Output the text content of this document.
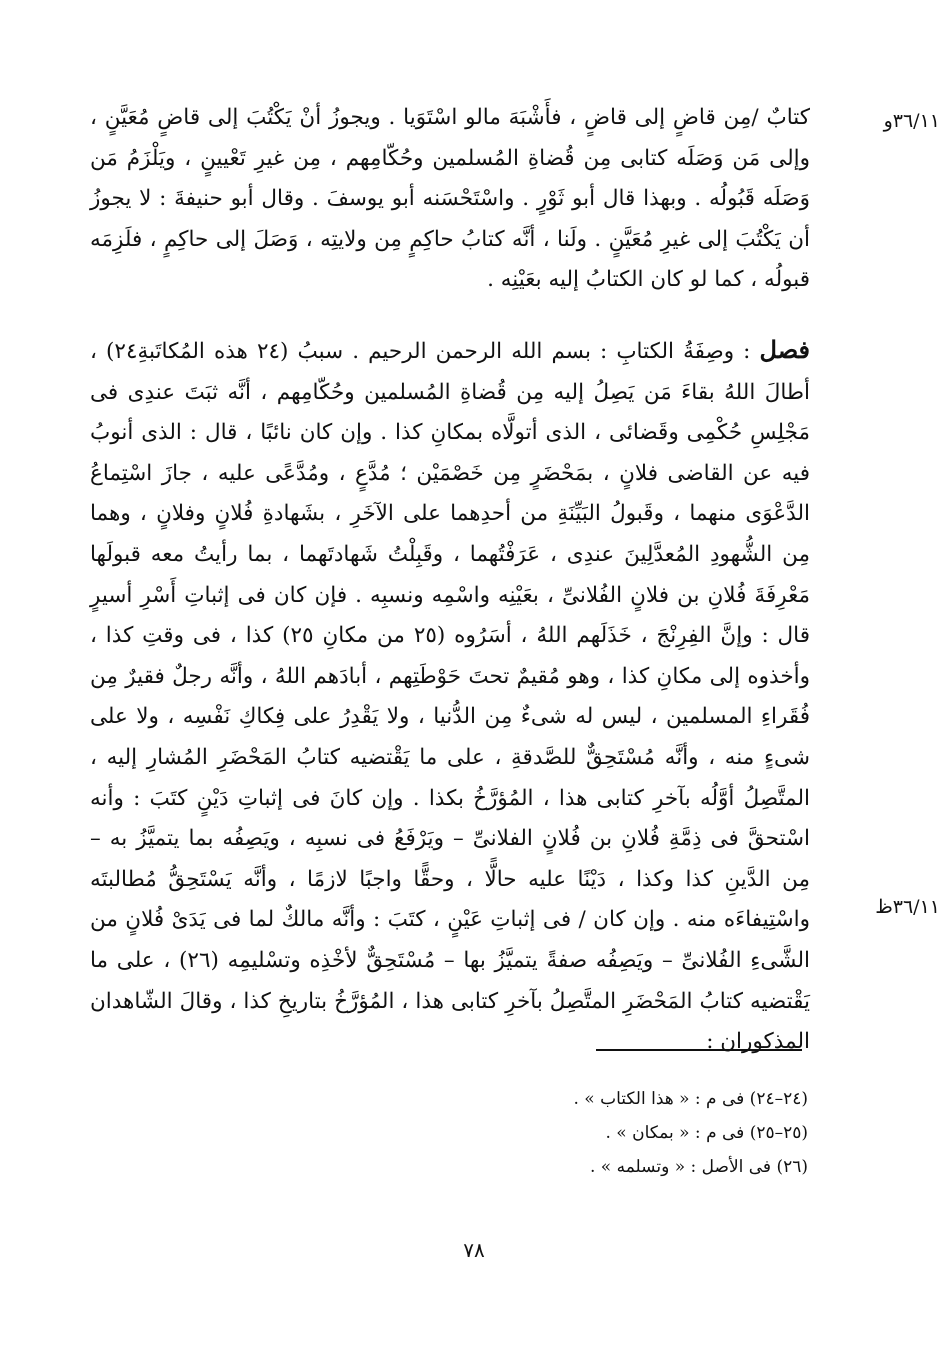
٣٦/١١و
٣٦/١١ظ

كتابٌ /مِن قاضٍ إلى قاضٍ ، فأَشْبَهَ مالو اسْتَوَيا . ويجوزُ أنْ يَكْتُبَ إلى قاضٍ مُعَيَّنٍ ، وإلى مَن وَصَلَه كتابى مِن قُضاةِ المُسلمين وحُكّامِهم ، مِن غيرِ تَعْيينٍ ، ويَلْزَمُ مَن وَصَلَه قَبُولُه . وبهذا قال أبو ثَوْرٍ . واسْتَحْسَنه أبو يوسفَ . وقال أبو حنيفةَ : لا يجوزُ أن يَكْتُبَ إلى غيرِ مُعَيَّنٍ . ولَنا ، أنَّه كتابُ حاكِمٍ مِن ولايتِه ، وَصَلَ إلى حاكِمٍ ، فلَزِمَه قبولُه ، كما لو كان الكتابُ إليه بعَيْنِه .

فصل : وصِفَةُ الكتابِ : بسم الله الرحمن الرحيم . سببُ (٢٤ هذه المُكاتَبةِ٢٤) ، أطالَ اللهُ بقاءَ مَن يَصِلُ إليه مِن قُضاةِ المُسلمين وحُكّامِهم ، أنَّه ثبَتَ عندِى فى مَجْلِسِ حُكْمِى وقَضائى ، الذى أتولَّاه بمكانِ كذا . وإن كان نائبًا ، قال : الذى أنوبُ فيه عن القاضى فلانٍ ، بمَحْضَرٍ مِن خَصْمَيْن ؛ مُدَّعٍ ، ومُدَّعًى عليه ، جازَ اسْتِماعُ الدَّعْوَى منهما ، وقَبولُ البَيِّنَةِ من أحدِهما على الآخَرِ ، بشَهادةِ فُلانٍ وفلانٍ ، وهما مِن الشُّهودِ المُعدَّلِينَ عندِى ، عَرَفْتُهما ، وقَبِلْتُ شَهادتَهما ، بما رأيتُ معه قبولَها مَعْرِفَةَ فُلانِ بن فلانٍ الفُلانىِّ ، بعَيْنِه واسْمِه ونسبِه . فإن كان فى إثباتِ أَسْرِ أسيرٍ قال : وإنَّ الفِرِنْجَ ، خَذَلَهم اللهُ ، أسَرُوه (٢٥ من مكانِ ٢٥) كذا ، فى وقتِ كذا ، وأخذوه إلى مكانِ كذا ، وهو مُقيمٌ تحتَ حَوْطَتِهم ، أبادَهم اللهُ ، وأنَّه رجلٌ فقيرٌ مِن فُقَراءِ المسلمين ، ليس له شىءٌ مِن الدُّنيا ، ولا يَقْدِرُ على فِكاكِ نَفْسِه ، ولا على شىءٍ منه ، وأنَّه مُسْتَحِقٌّ للصَّدقةِ ، على ما يَقْتضيه كتابُ المَحْضَرِ المُشارِ إليه ، المتَّصِلُ أوَّلُه بآخرِ كتابى هذا ، المُؤرَّخُ بكذا . وإن كانَ فى إثباتِ دَيْنٍ كتَبَ : وأنه اسْتحقَّ فى ذِمَّةِ فُلانِ بن فُلانٍ الفلانىِّ – ويَرْفَعُ فى نسبِه ، ويَصِفُه بما يتميَّزُ به – مِن الدَّينِ كذا وكذا ، دَيْنًا عليه حالًّا ، وحقًّا واجبًا لازمًا ، وأنَّه يَسْتَحِقُّ مُطالبتَه واسْتِيفاءَه منه . وإن كان / فى إثباتِ عَيْنٍ ، كتَبَ : وأنَّه مالكٌ لما فى يَدَىْ فُلانٍ من الشَّىءِ الفُلانىِّ – ويَصِفُه صفةً يتميَّزُ بها – مُسْتَحِقٌّ لأخْذِه وتسْليمِه (٢٦) ، على ما يَقْتضيه كتابُ المَحْضَرِ المتَّصِلُ بآخرِ كتابى هذا ، المُؤرَّخُ بتاريخِ كذا ، وقالَ الشّاهدان المذكوران :

(٢٤–٢٤) فى م : « هذا الكتاب » .
(٢٥–٢٥) فى م : « بمكان » .
(٢٦) فى الأصل : « وتسلمه » .
٧٨
